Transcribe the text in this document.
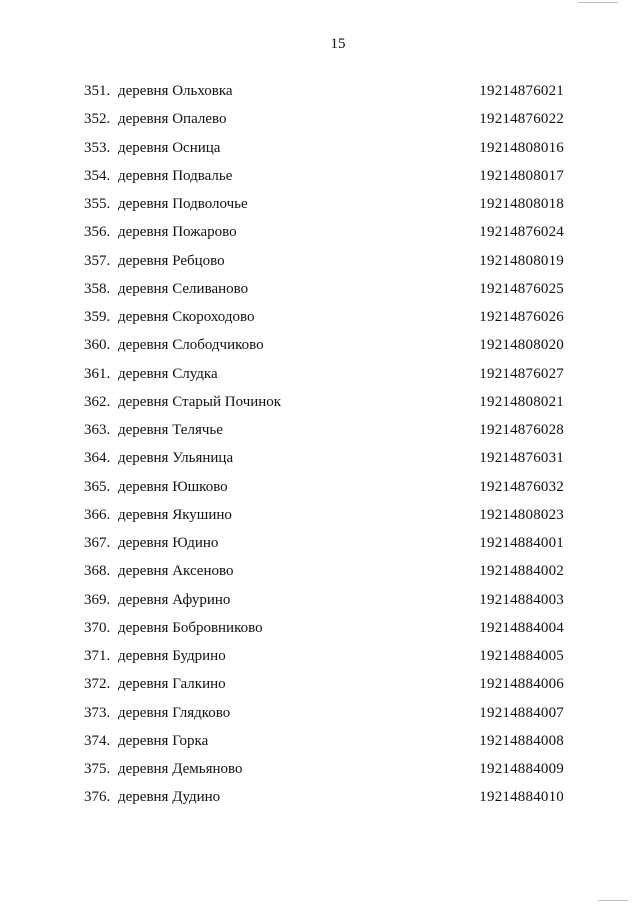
15
351. деревня Ольховка	19214876021
352. деревня Опалево	19214876022
353. деревня Осница	19214808016
354. деревня Подвалье	19214808017
355. деревня Подволочье	19214808018
356. деревня Пожарово	19214876024
357. деревня Ребцово	19214808019
358. деревня Селиваново	19214876025
359. деревня Скороходово	19214876026
360. деревня Слободчиково	19214808020
361. деревня Слудка	19214876027
362. деревня Старый Починок	19214808021
363. деревня Телячье	19214876028
364. деревня Ульяница	19214876031
365. деревня Юшково	19214876032
366. деревня Якушино	19214808023
367. деревня Юдино	19214884001
368. деревня Аксеново	19214884002
369. деревня Афурино	19214884003
370. деревня Бобровниково	19214884004
371. деревня Будрино	19214884005
372. деревня Галкино	19214884006
373. деревня Глядково	19214884007
374. деревня Горка	19214884008
375. деревня Демьяново	19214884009
376. деревня Дудино	19214884010
